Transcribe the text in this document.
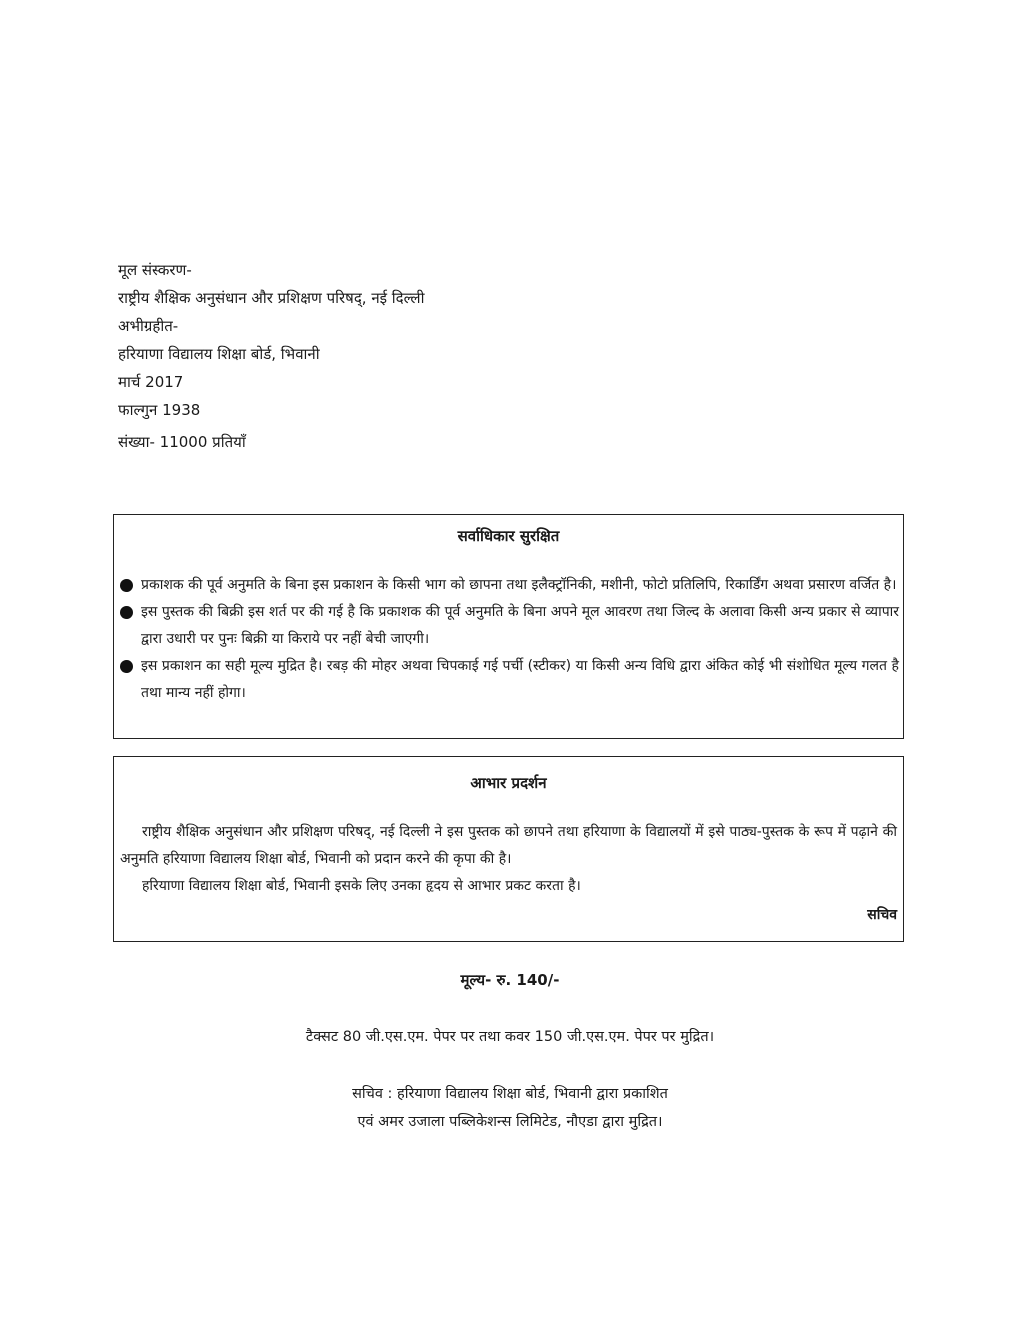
मूल संस्करण-
राष्ट्रीय शैक्षिक अनुसंधान और प्रशिक्षण परिषद्, नई दिल्ली
अभीग्रहीत-
हरियाणा विद्यालय शिक्षा बोर्ड, भिवानी
मार्च 2017
फाल्गुन 1938
संख्या- 11000 प्रतियाँ
सर्वाधिकार सुरक्षित
प्रकाशक की पूर्व अनुमति के बिना इस प्रकाशन के किसी भाग को छापना तथा इलैक्ट्रॉनिकी, मशीनी, फोटो प्रतिलिपि, रिकार्डिंग अथवा प्रसारण वर्जित है।
इस पुस्तक की बिक्री इस शर्त पर की गई है कि प्रकाशक की पूर्व अनुमति के बिना अपने मूल आवरण तथा जिल्द के अलावा किसी अन्य प्रकार से व्यापार द्वारा उधारी पर पुनः बिक्री या किराये पर नहीं बेची जाएगी।
इस प्रकाशन का सही मूल्य मुद्रित है। रबड़ की मोहर अथवा चिपकाई गई पर्ची (स्टीकर) या किसी अन्य विधि द्वारा अंकित कोई भी संशोधित मूल्य गलत है तथा मान्य नहीं होगा।
आभार प्रदर्शन

राष्ट्रीय शैक्षिक अनुसंधान और प्रशिक्षण परिषद्, नई दिल्ली ने इस पुस्तक को छापने तथा हरियाणा के विद्यालयों में इसे पाठ्य-पुस्तक के रूप में पढ़ाने की अनुमति हरियाणा विद्यालय शिक्षा बोर्ड, भिवानी को प्रदान करने की कृपा की है।

हरियाणा विद्यालय शिक्षा बोर्ड, भिवानी इसके लिए उनका हृदय से आभार प्रकट करता है।

सचिव
मूल्य- रु. 140/-
टैक्सट 80 जी.एस.एम. पेपर पर तथा कवर 150 जी.एस.एम. पेपर पर मुद्रित।
सचिव : हरियाणा विद्यालय शिक्षा बोर्ड, भिवानी द्वारा प्रकाशित
एवं अमर उजाला पब्लिकेशन्स लिमिटेड, नौएडा द्वारा मुद्रित।
